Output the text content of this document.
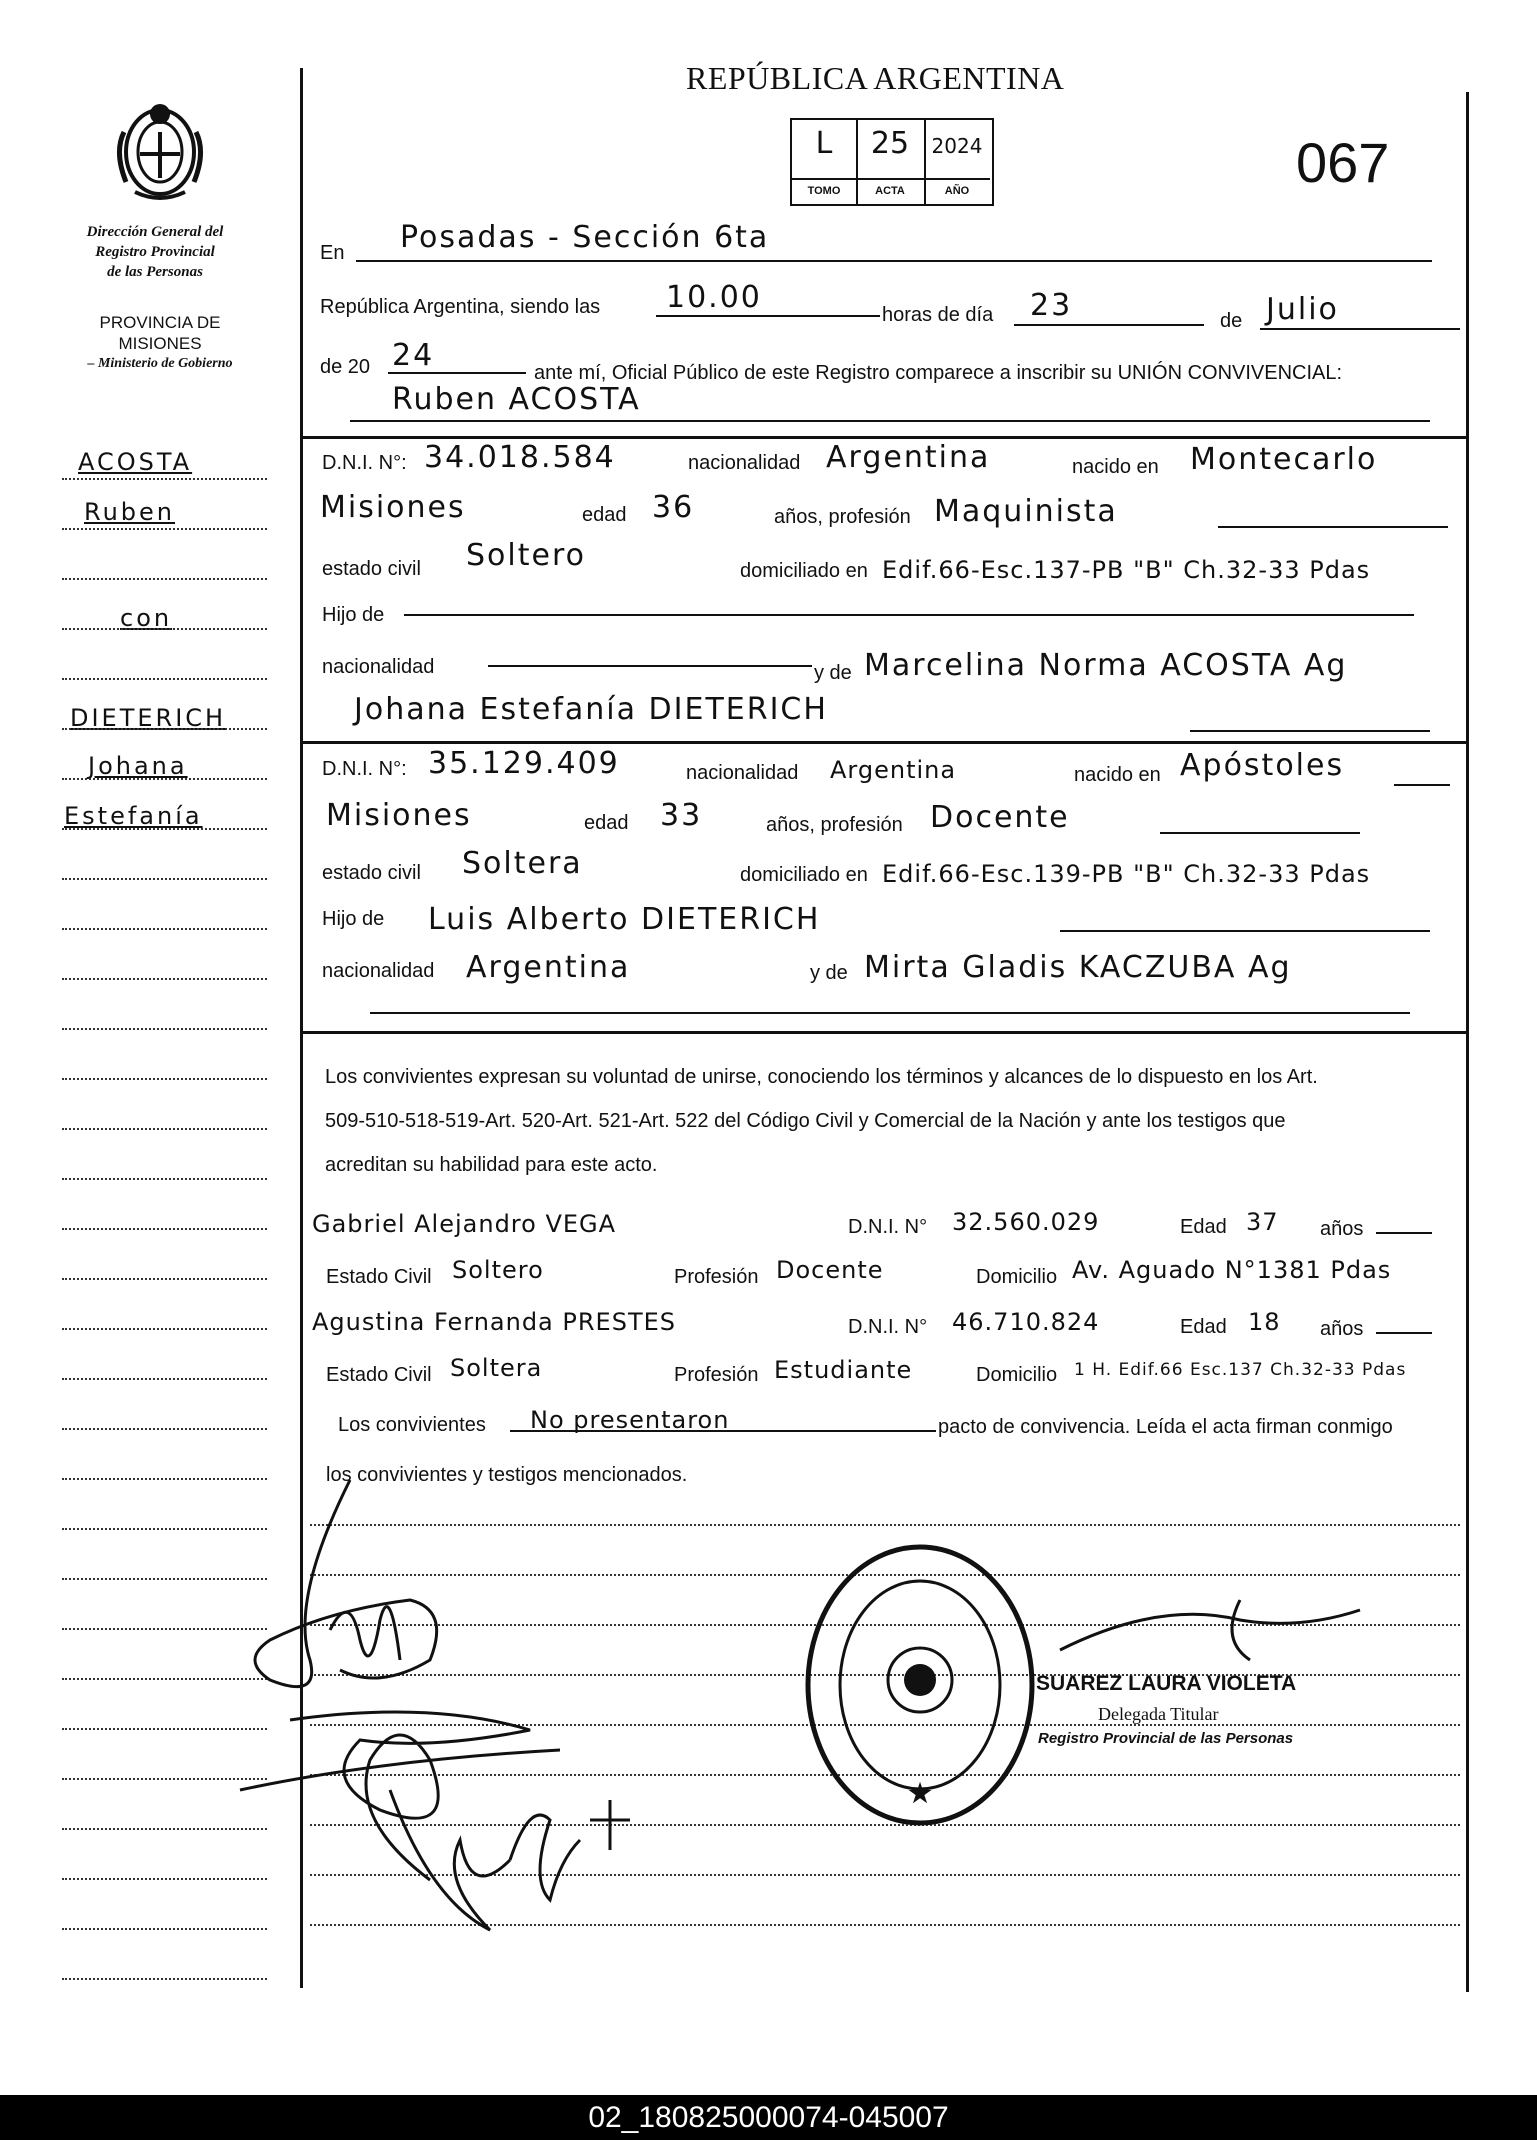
REPÚBLICA ARGENTINA
067
L
TOMO
25
ACTA
2024
AÑO
Dirección General del
Registro Provincial
de las Personas
PROVINCIA DE
MISIONES
– Ministerio de Gobierno
ACOSTA
Ruben
con
DIETERICH
Johana
Estefanía
En Posadas - Sección 6ta
República Argentina, siendo las 10.00	horas de día 23	de Julio
de 20 24	ante mí, Oficial Público de este Registro comparece a inscribir su UNIÓN CONVIVENCIAL:
Ruben ACOSTA
D.N.I. N°: 34.018.584	nacionalidad Argentina	nacido en Montecarlo
Misiones	edad 36	años, profesión Maquinista
estado civil Soltero	domiciliado en Edif.66-Esc.137-PB "B" Ch.32-33 Pdas
Hijo de
nacionalidad	y de Marcelina Norma ACOSTA Ag
Johana Estefanía DIETERICH
D.N.I. N°: 35.129.409	nacionalidad Argentina	nacido en Apóstoles
Misiones	edad 33	años, profesión Docente
estado civil Soltera	domiciliado en Edif.66-Esc.139-PB "B" Ch.32-33 Pdas
Hijo de Luis Alberto DIETERICH
nacionalidad Argentina	y de Mirta Gladis KACZUBA Ag
Los convivientes expresan su voluntad de unirse, conociendo los términos y alcances de lo dispuesto en los Art.
509-510-518-519-Art. 520-Art. 521-Art. 522 del Código Civil y Comercial de la Nación y ante los testigos que
acreditan su habilidad para este acto.
Gabriel Alejandro VEGA	D.N.I. N° 32.560.029	Edad 37 años
Estado Civil Soltero	Profesión Docente	Domicilio Av. Aguado N°1381 Pdas
Agustina Fernanda PRESTES	D.N.I. N° 46.710.824	Edad 18 años
Estado Civil Soltera	Profesión Estudiante	Domicilio 1 H. Edif.66 Esc.137 Ch.32-33 Pdas
Los convivientes No presentaron	pacto de convivencia. Leída el acta firman conmigo
los convivientes y testigos mencionados.
★
SUAREZ LAURA VIOLETA
Delegada Titular
Registro Provincial de las Personas
02_180825000074-045007
